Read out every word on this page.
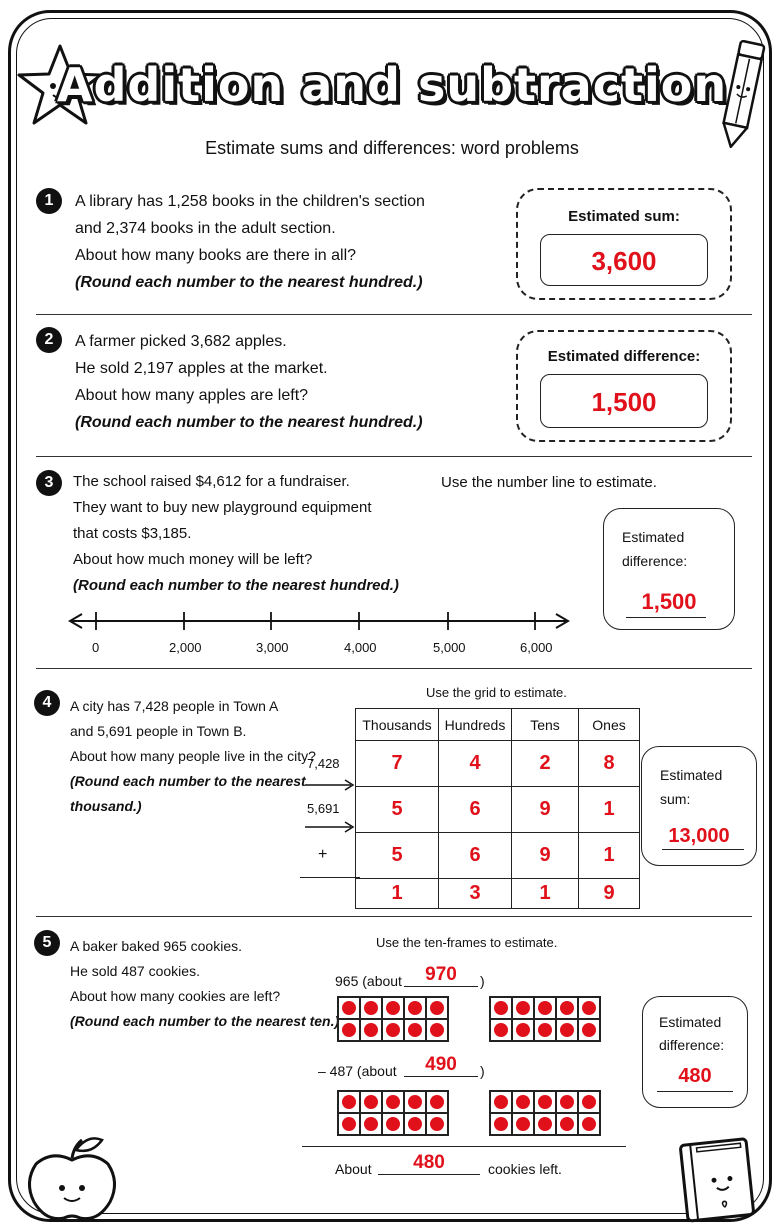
Addition and subtraction
Estimate sums and differences: word problems
1	A library has 1,258 books in the children's section
and 2,374 books in the adult section.
About how many books are there in all?
(Round each number to the nearest hundred.)
Estimated sum:
3,600
2	A farmer picked 3,682 apples.
He sold 2,197 apples at the market.
About how many apples are left?
(Round each number to the nearest hundred.)
Estimated difference:
1,500
3	The school raised $4,612 for a fundraiser.
They want to buy new playground equipment
that costs $3,185.
About how much money will be left?
(Round each number to the nearest hundred.)
Use the number line to estimate.
0	2,000	3,000	4,000	5,000	6,000
Estimated
difference:
1,500
4	A city has 7,428 people in Town A
and 5,691 people in Town B.
About how many people live in the city?
(Round each number to the nearest
thousand.)
Use the grid to estimate.
Thousands	Hundreds	Tens	Ones
7	4	2	8
5	6	9	1
5	6	9	1
1	3	1	9
7,428
5,691
+
Estimated
sum:
13,000
5	A baker baked 965 cookies.
He sold 487 cookies.
About how many cookies are left?
(Round each number to the nearest ten.)
Use the ten-frames to estimate.
965 (about	970	)
– 487 (about	490	)
About	480	cookies left.
Estimated
difference:
480
